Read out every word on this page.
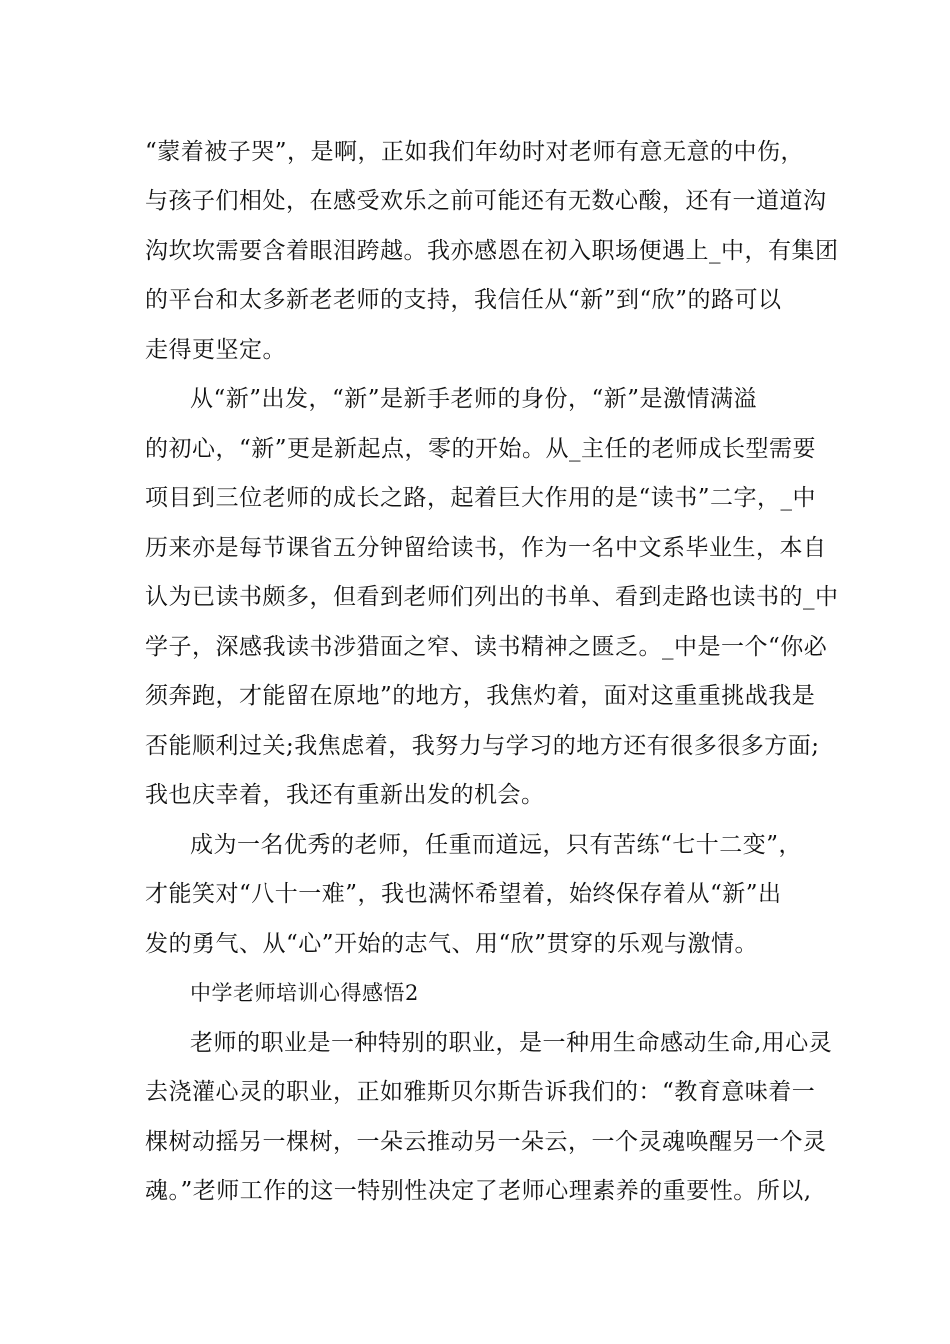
“蒙着被子哭”，是啊，正如我们年幼时对老师有意无意的中伤，
与孩子们相处，在感受欢乐之前可能还有无数心酸，还有一道道沟
沟坎坎需要含着眼泪跨越。我亦感恩在初入职场便遇上_中，有集团
的平台和太多新老老师的支持，我信任从“新”到“欣”的路可以
走得更坚定。
从“新”出发，“新”是新手老师的身份，“新”是激情满溢
的初心，“新”更是新起点，零的开始。从_主任的老师成长型需要
项目到三位老师的成长之路，起着巨大作用的是“读书”二字，_中
历来亦是每节课省五分钟留给读书，作为一名中文系毕业生，本自
认为已读书颇多，但看到老师们列出的书单、看到走路也读书的_中
学子，深感我读书涉猎面之窄、读书精神之匮乏。_中是一个“你必
须奔跑，才能留在原地”的地方，我焦灼着，面对这重重挑战我是
否能顺利过关;我焦虑着，我努力与学习的地方还有很多很多方面;
我也庆幸着，我还有重新出发的机会。
成为一名优秀的老师，任重而道远，只有苦练“七十二变”，
才能笑对“八十一难”，我也满怀希望着，始终保存着从“新”出
发的勇气、从“心”开始的志气、用“欣”贯穿的乐观与激情。
中学老师培训心得感悟2
老师的职业是一种特别的职业，是一种用生命感动生命,用心灵
去浇灌心灵的职业，正如雅斯贝尔斯告诉我们的：“教育意味着一
棵树动摇另一棵树，一朵云推动另一朵云，一个灵魂唤醒另一个灵
魂。”老师工作的这一特别性决定了老师心理素养的重要性。所以,
